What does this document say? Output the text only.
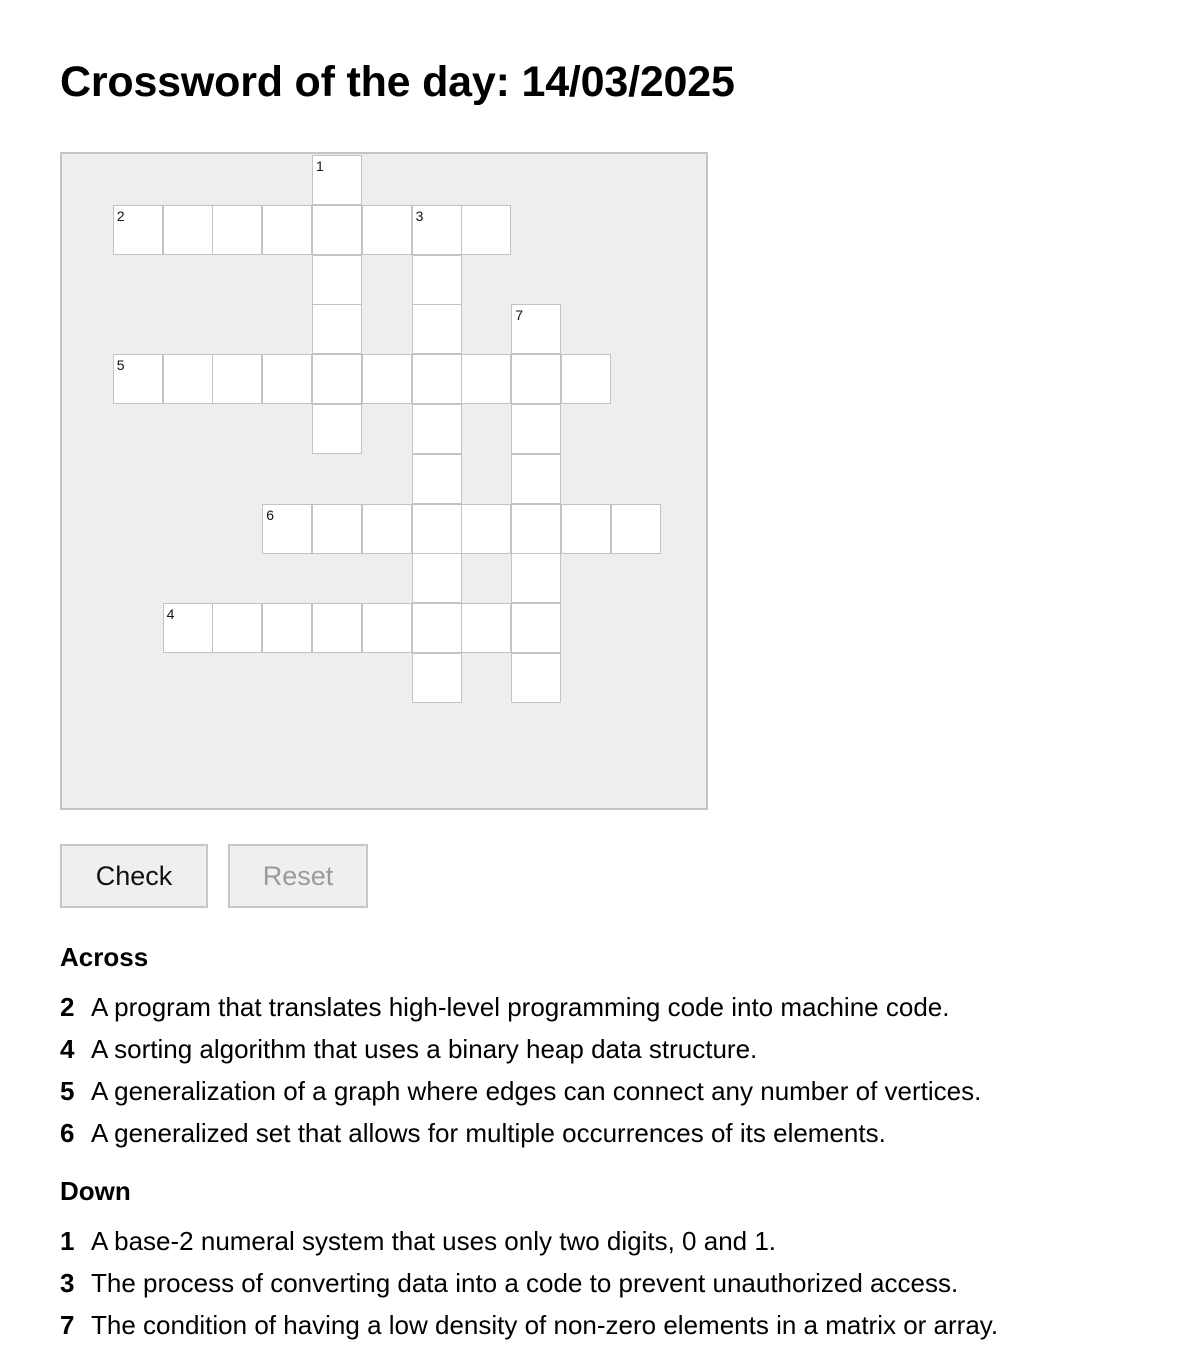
Crossword of the day: 14/03/2025
1
2	3
7
5
6
4
Check	Reset
Across
2 A program that translates high-level programming code into machine code.
4 A sorting algorithm that uses a binary heap data structure.
5 A generalization of a graph where edges can connect any number of vertices.
6 A generalized set that allows for multiple occurrences of its elements.
Down
1 A base-2 numeral system that uses only two digits, 0 and 1.
3 The process of converting data into a code to prevent unauthorized access.
7 The condition of having a low density of non-zero elements in a matrix or array.
